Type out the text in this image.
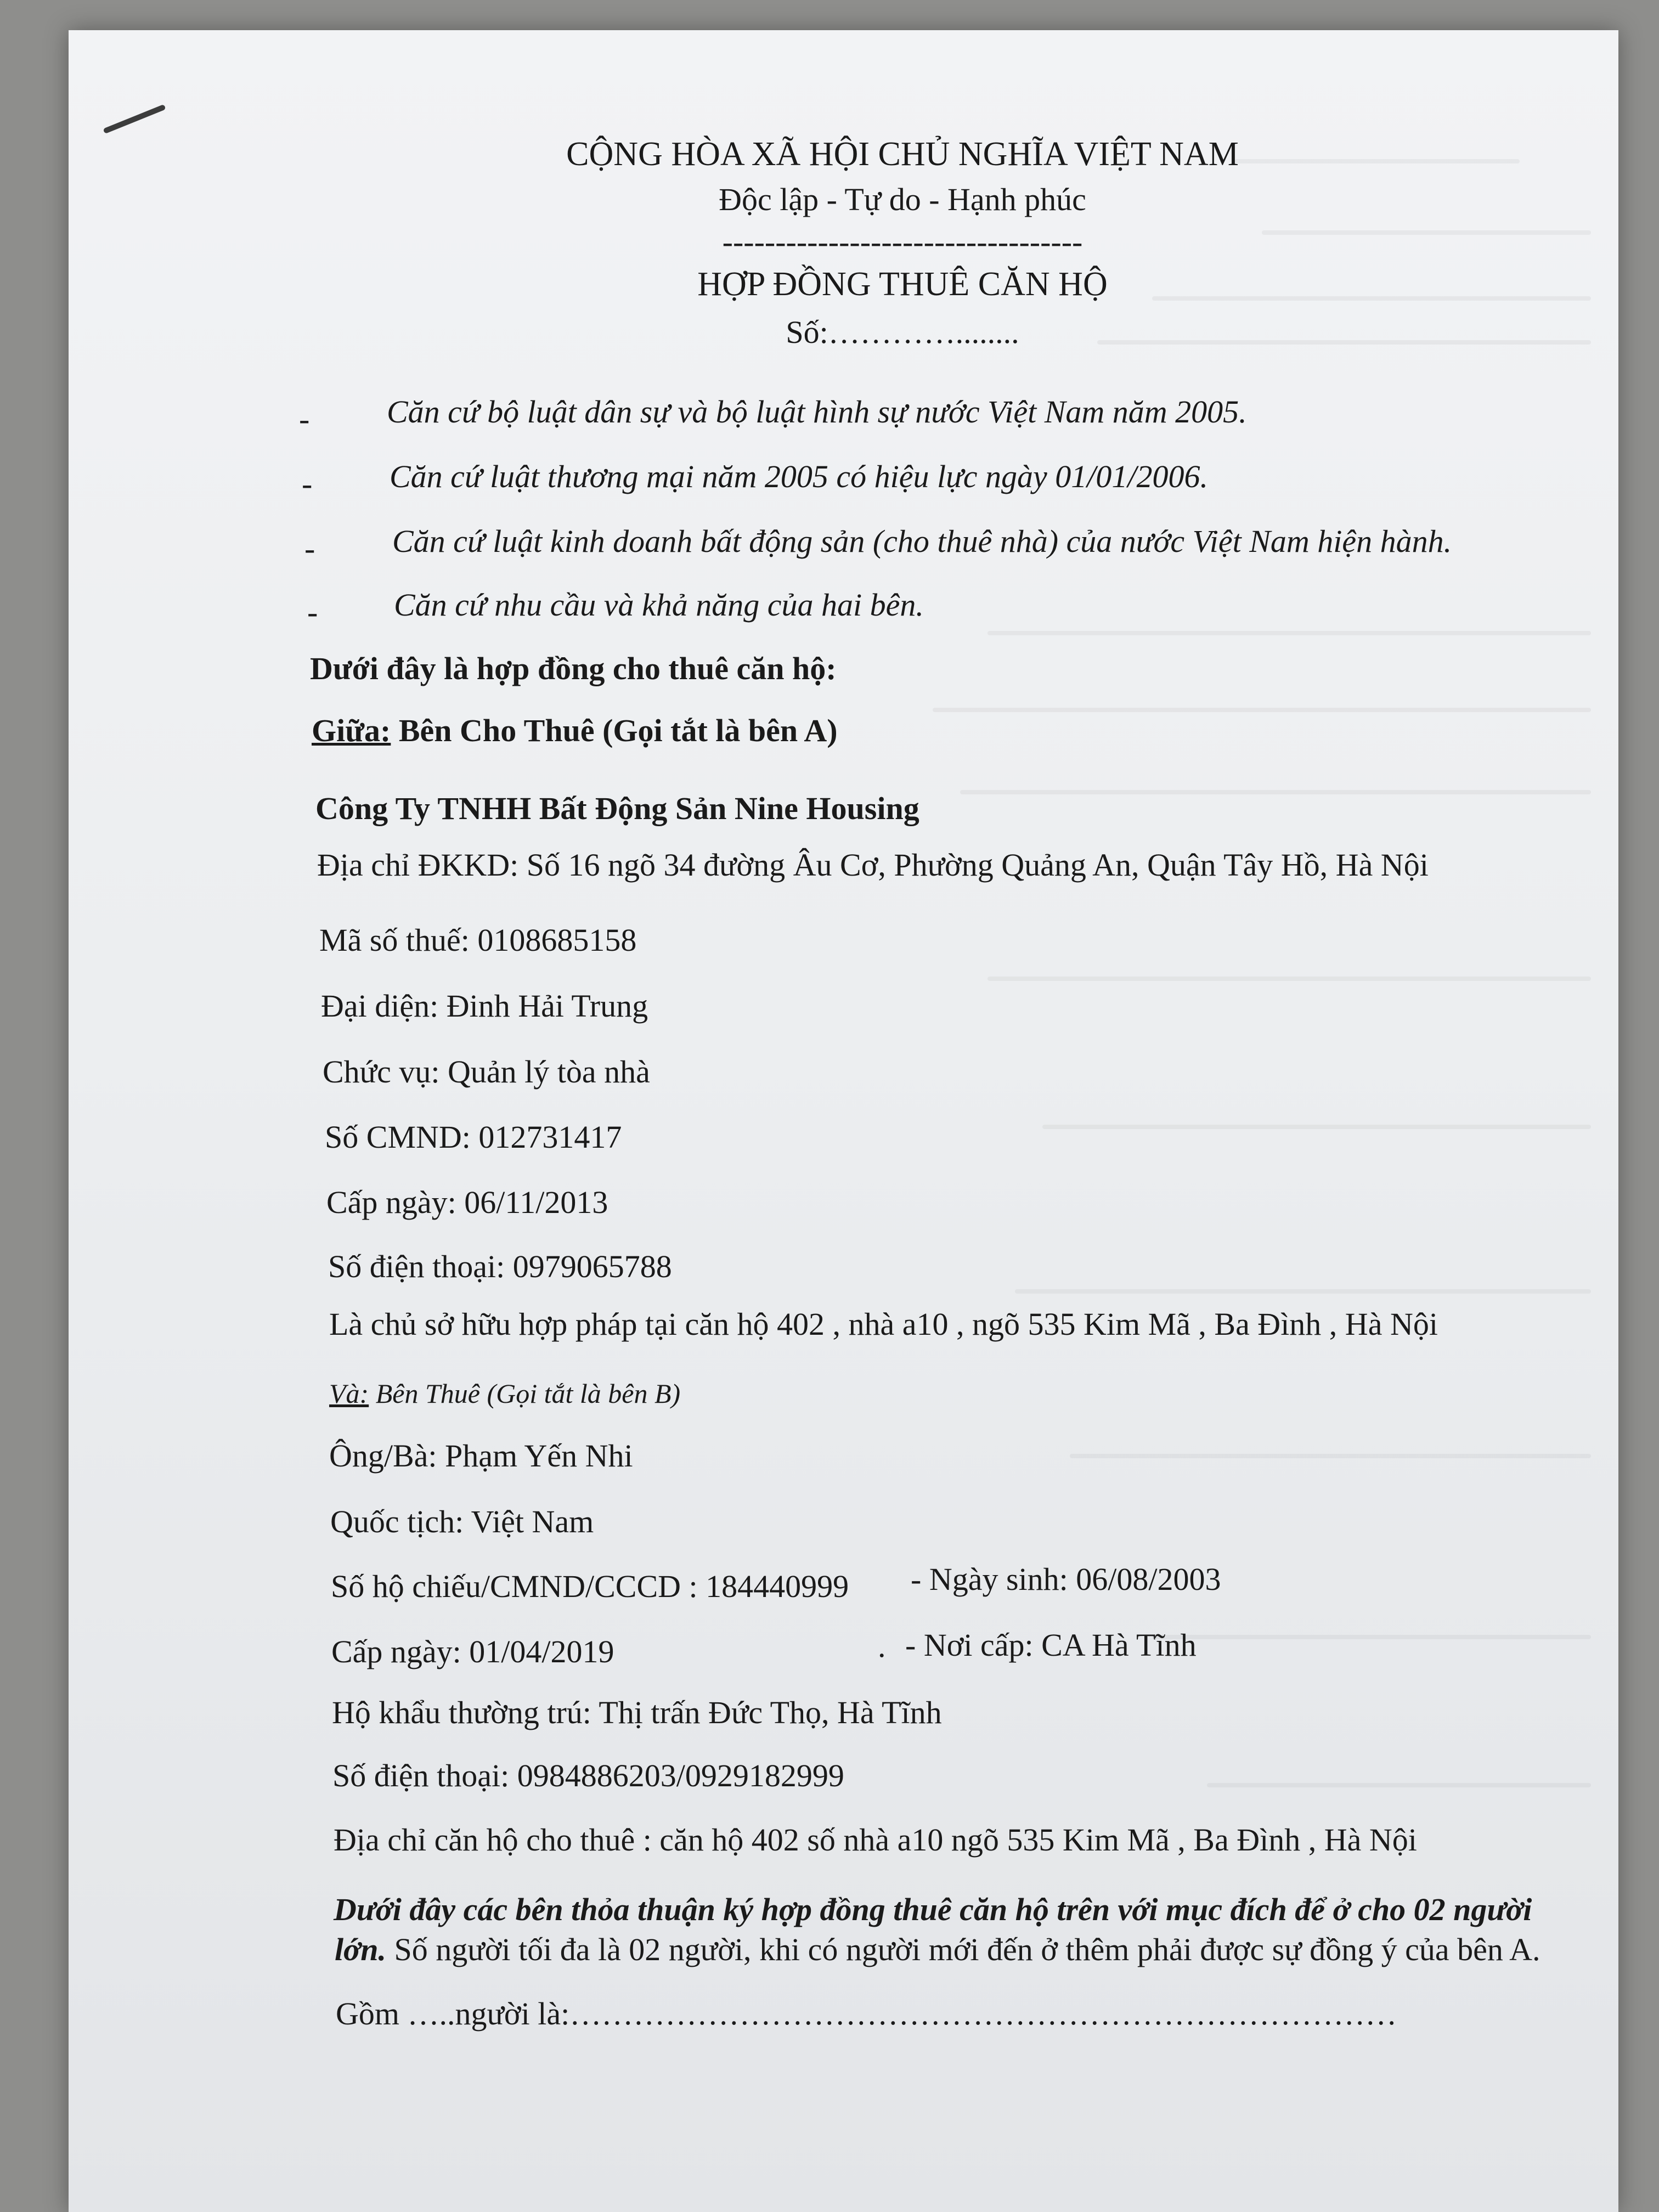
CỘNG HÒA XÃ HỘI CHỦ NGHĨA VIỆT NAM
Độc lập - Tự do - Hạnh phúc
----------------------------------
HỢP ĐỒNG THUÊ CĂN HỘ
Số:…………........
- Căn cứ bộ luật dân sự và bộ luật hình sự nước Việt Nam năm 2005.
- Căn cứ luật thương mại năm 2005 có hiệu lực ngày 01/01/2006.
- Căn cứ luật kinh doanh bất động sản (cho thuê nhà) của nước Việt Nam hiện hành.
- Căn cứ nhu cầu và khả năng của hai bên.
Dưới đây là hợp đồng cho thuê căn hộ:
Giữa: Bên Cho Thuê (Gọi tắt là bên A)
Công Ty TNHH Bất Động Sản Nine Housing
Địa chỉ ĐKKD: Số 16 ngõ 34 đường Âu Cơ, Phường Quảng An, Quận Tây Hồ, Hà Nội
Mã số thuế: 0108685158
Đại diện: Đinh Hải Trung
Chức vụ: Quản lý tòa nhà
Số CMND: 012731417
Cấp ngày: 06/11/2013
Số điện thoại: 0979065788
Là chủ sở hữu hợp pháp tại căn hộ 402 , nhà a10 , ngõ 535 Kim Mã , Ba Đình , Hà Nội
Và: Bên Thuê (Gọi tắt là bên B)
Ông/Bà: Phạm Yến Nhi
Quốc tịch: Việt Nam
Số hộ chiếu/CMND/CCCD : 184440999 - Ngày sinh: 06/08/2003
Cấp ngày: 01/04/2019	. - Nơi cấp: CA Hà Tĩnh
Hộ khẩu thường trú: Thị trấn Đức Thọ, Hà Tĩnh
Số điện thoại: 0984886203/0929182999
Địa chỉ căn hộ cho thuê : căn hộ 402 số nhà a10 ngõ 535 Kim Mã , Ba Đình , Hà Nội
Dưới đây các bên thỏa thuận ký hợp đồng thuê căn hộ trên với mục đích để ở cho 02 người
lớn. Số người tối đa là 02 người, khi có người mới đến ở thêm phải được sự đồng ý của bên A.
Gồm …..người là:……………………………………………………………………
